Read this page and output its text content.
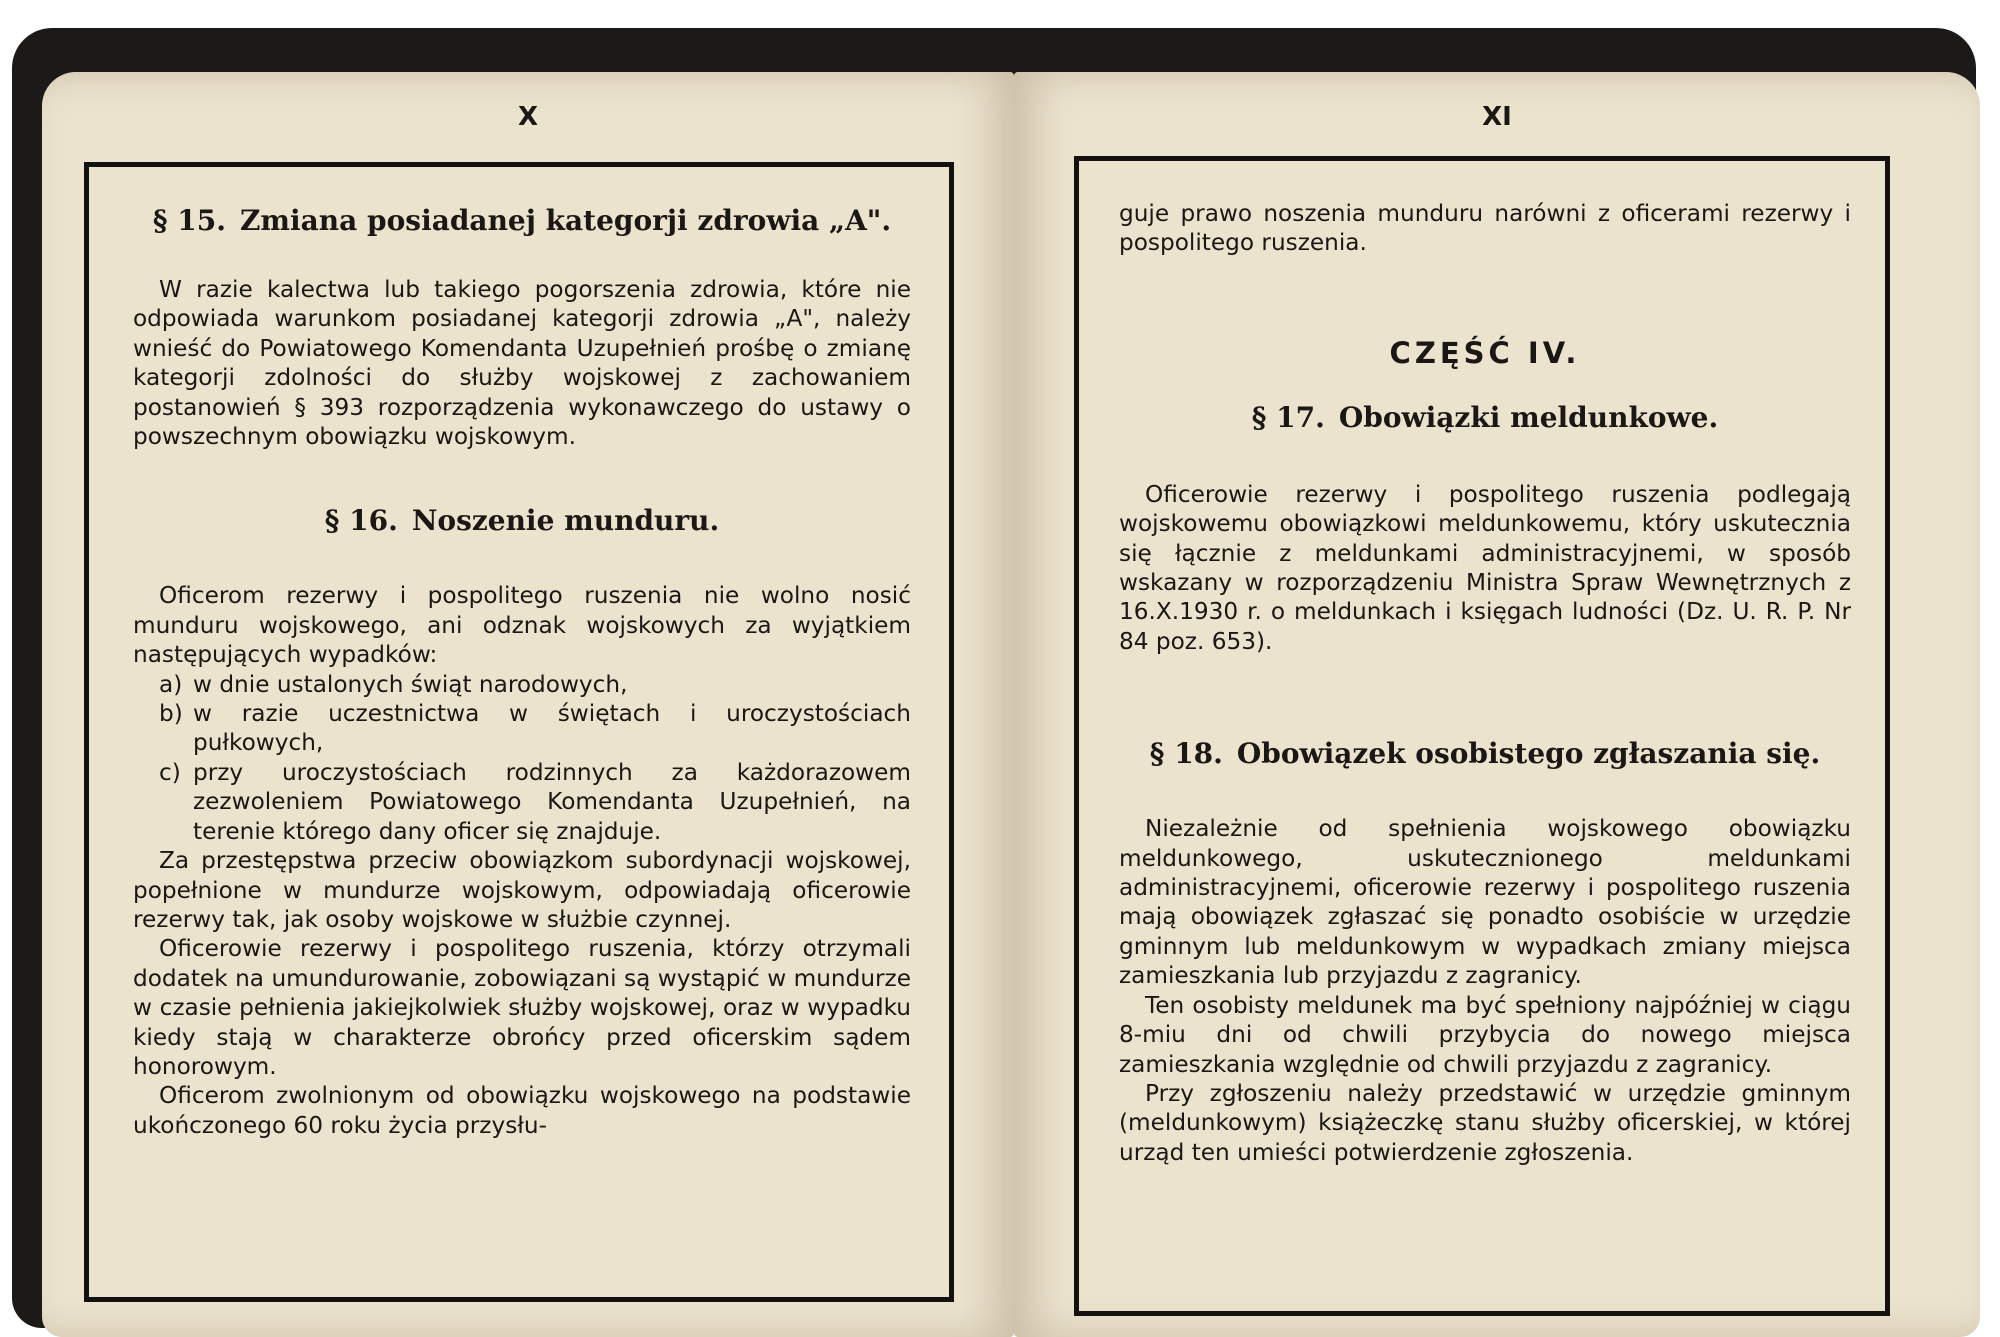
X
§ 15. Zmiana posiadanej kategorji zdrowia „A".

W razie kalectwa lub takiego pogorszenia zdrowia, które nie odpowiada warunkom posiadanej kategorji zdrowia „A", należy wnieść do Powiatowego Komendanta Uzupełnień prośbę o zmianę kategorji zdolności do służby wojskowej z zachowaniem postanowień § 393 rozporządzenia wykonawczego do ustawy o powszechnym obowiązku wojskowym.

§ 16. Noszenie munduru.

Oficerom rezerwy i pospolitego ruszenia nie wolno nosić munduru wojskowego, ani odznak wojskowych za wyjątkiem następujących wypadków:

a) w dnie ustalonych świąt narodowych,
b) w razie uczestnictwa w świętach i uroczystościach pułkowych,
c) przy uroczystościach rodzinnych za każdorazowem zezwoleniem Powiatowego Komendanta Uzupełnień, na terenie którego dany oficer się znajduje.

Za przestępstwa przeciw obowiązkom subordynacji wojskowej, popełnione w mundurze wojskowym, odpowiadają oficerowie rezerwy tak, jak osoby wojskowe w służbie czynnej.

Oficerowie rezerwy i pospolitego ruszenia, którzy otrzymali dodatek na umundurowanie, zobowiązani są wystąpić w mundurze w czasie pełnienia jakiejkolwiek służby wojskowej, oraz w wypadku kiedy stają w charakterze obrońcy przed oficerskim sądem honorowym.

Oficerom zwolnionym od obowiązku wojskowego na podstawie ukończonego 60 roku życia przysłu-

XI

guje prawo noszenia munduru narówni z oficerami rezerwy i pospolitego ruszenia.

CZĘŚĆ IV.
§ 17. Obowiązki meldunkowe.

Oficerowie rezerwy i pospolitego ruszenia podlegają wojskowemu obowiązkowi meldunkowemu, który uskutecznia się łącznie z meldunkami administracyjnemi, w sposób wskazany w rozporządzeniu Ministra Spraw Wewnętrznych z 16.X.1930 r. o meldunkach i księgach ludności (Dz. U. R. P. Nr 84 poz. 653).

§ 18. Obowiązek osobistego zgłaszania się.

Niezależnie od spełnienia wojskowego obowiązku meldunkowego, uskutecznionego meldunkami administracyjnemi, oficerowie rezerwy i pospolitego ruszenia mają obowiązek zgłaszać się ponadto osobiście w urzędzie gminnym lub meldunkowym w wypadkach zmiany miejsca zamieszkania lub przyjazdu z zagranicy.

Ten osobisty meldunek ma być spełniony najpóźniej w ciągu 8-miu dni od chwili przybycia do nowego miejsca zamieszkania względnie od chwili przyjazdu z zagranicy.

Przy zgłoszeniu należy przedstawić w urzędzie gminnym (meldunkowym) książeczkę stanu służby oficerskiej, w której urząd ten umieści potwierdzenie zgłoszenia.
